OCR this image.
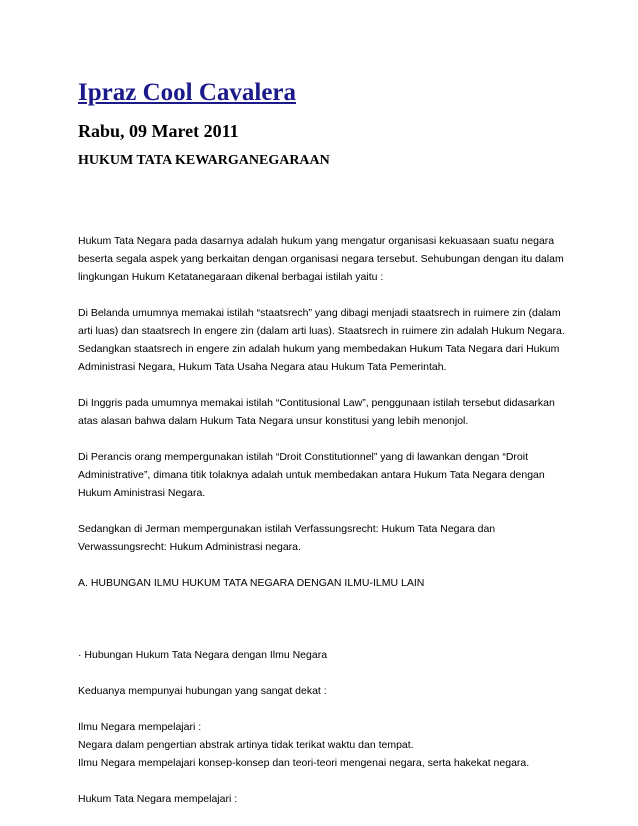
Ipraz Cool Cavalera
Rabu, 09 Maret 2011
HUKUM TATA KEWARGANEGARAAN

Hukum Tata Negara pada dasarnya adalah hukum yang mengatur organisasi kekuasaan suatu negara
beserta segala aspek yang berkaitan dengan organisasi negara tersebut. Sehubungan dengan itu dalam
lingkungan Hukum Ketatanegaraan dikenal berbagai istilah yaitu :

Di Belanda umumnya memakai istilah “staatsrech” yang dibagi menjadi staatsrech in ruimere zin (dalam
arti luas) dan staatsrech In engere zin (dalam arti luas). Staatsrech in ruimere zin adalah Hukum Negara.
Sedangkan staatsrech in engere zin adalah hukum yang membedakan Hukum Tata Negara dari Hukum
Administrasi Negara, Hukum Tata Usaha Negara atau Hukum Tata Pemerintah.

Di Inggris pada umumnya memakai istilah “Contitusional Law”, penggunaan istilah tersebut didasarkan
atas alasan bahwa dalam Hukum Tata Negara unsur konstitusi yang lebih menonjol.

Di Perancis orang mempergunakan istilah “Droit Constitutionnel” yang di lawankan dengan “Droit
Administrative”, dimana titik tolaknya adalah untuk membedakan antara Hukum Tata Negara dengan
Hukum Aministrasi Negara.

Sedangkan di Jerman mempergunakan istilah Verfassungsrecht: Hukum Tata Negara dan
Verwassungsrecht: Hukum Administrasi negara.

A. HUBUNGAN ILMU HUKUM TATA NEGARA DENGAN ILMU-ILMU LAIN

· Hubungan Hukum Tata Negara dengan Ilmu Negara

Keduanya mempunyai hubungan yang sangat dekat :

Ilmu Negara mempelajari :
Negara dalam pengertian abstrak artinya tidak terikat waktu dan tempat.
Ilmu Negara mempelajari konsep-konsep dan teori-teori mengenai negara, serta hakekat negara.

Hukum Tata Negara mempelajari :
